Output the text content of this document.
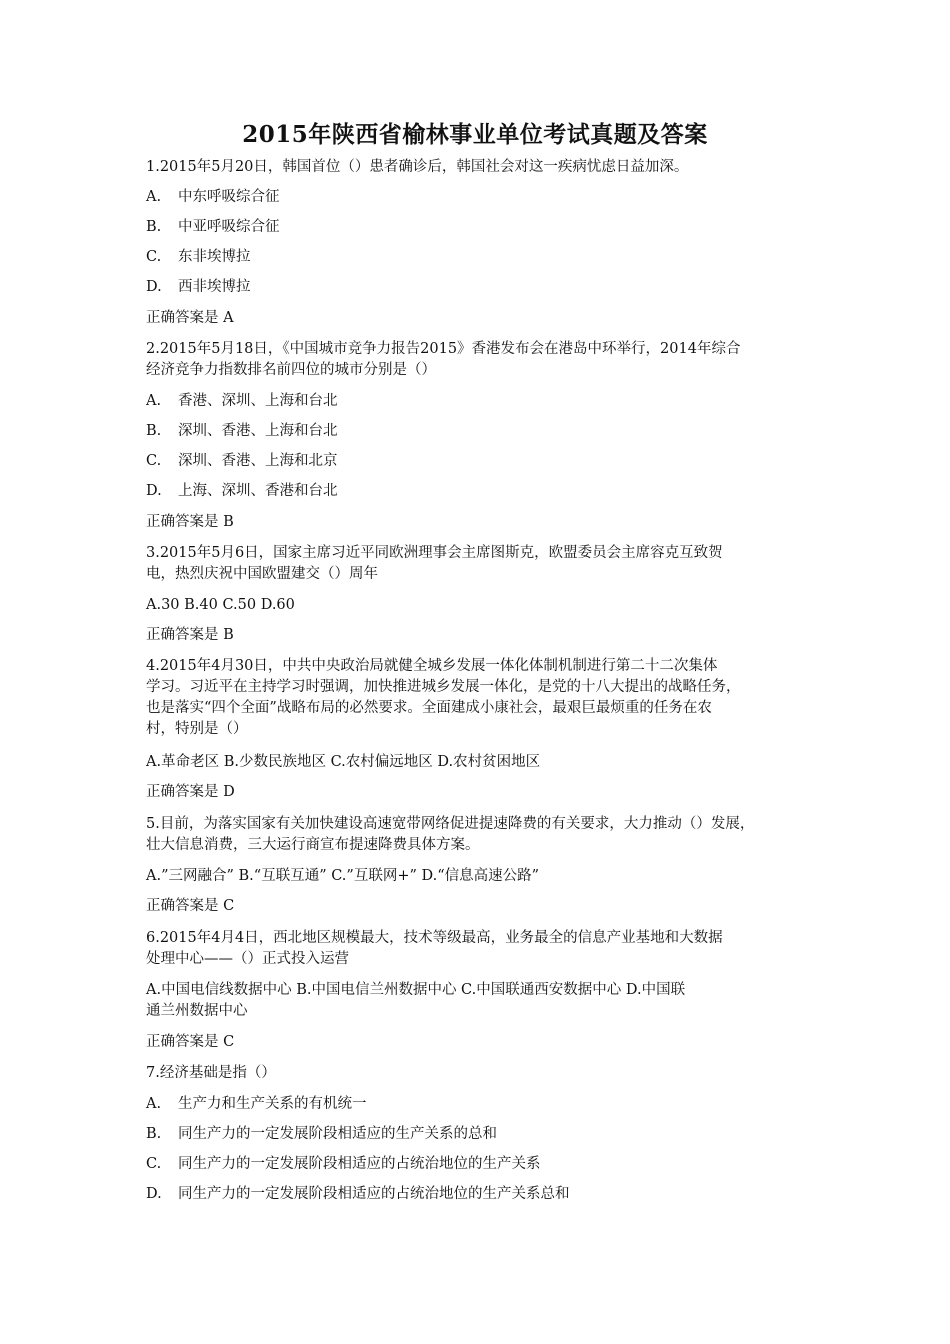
2015年陕西省榆林事业单位考试真题及答案
1.2015年5月20日，韩国首位（）患者确诊后，韩国社会对这一疾病忧虑日益加深。
A. 中东呼吸综合征
B. 中亚呼吸综合征
C. 东非埃博拉
D. 西非埃博拉
正确答案是 A
2.2015年5月18日，《中国城市竞争力报告2015》香港发布会在港岛中环举行，2014年综合
经济竞争力指数排名前四位的城市分别是（）
A. 香港、深圳、上海和台北
B. 深圳、香港、上海和台北
C. 深圳、香港、上海和北京
D. 上海、深圳、香港和台北
正确答案是 B
3.2015年5月6日，国家主席习近平同欧洲理事会主席图斯克，欧盟委员会主席容克互致贺
电，热烈庆祝中国欧盟建交（）周年
A.30 B.40 C.50 D.60
正确答案是 B
4.2015年4月30日，中共中央政治局就健全城乡发展一体化体制机制进行第二十二次集体
学习。习近平在主持学习时强调，加快推进城乡发展一体化，是党的十八大提出的战略任务，
也是落实“四个全面”战略布局的必然要求。全面建成小康社会，最艰巨最烦重的任务在农
村，特别是（）
A.革命老区 B.少数民族地区 C.农村偏远地区 D.农村贫困地区
正确答案是 D
5.目前，为落实国家有关加快建设高速宽带网络促进提速降费的有关要求，大力推动（）发展，
壮大信息消费，三大运行商宣布提速降费具体方案。
A.”三网融合” B.“互联互通” C.”互联网+” D.“信息高速公路”
正确答案是 C
6.2015年4月4日，西北地区规模最大，技术等级最高，业务最全的信息产业基地和大数据
处理中心——（）正式投入运营
A.中国电信线数据中心 B.中国电信兰州数据中心 C.中国联通西安数据中心 D.中国联
通兰州数据中心
正确答案是 C
7.经济基础是指（）
A. 生产力和生产关系的有机统一
B. 同生产力的一定发展阶段相适应的生产关系的总和
C. 同生产力的一定发展阶段相适应的占统治地位的生产关系
D. 同生产力的一定发展阶段相适应的占统治地位的生产关系总和
